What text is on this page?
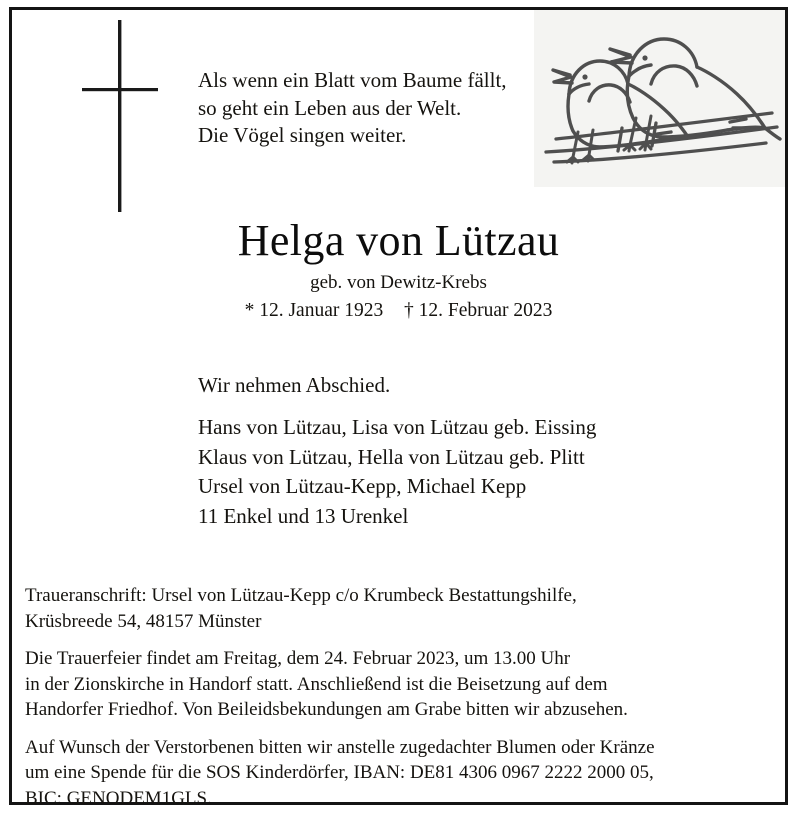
Als wenn ein Blatt vom Baume fällt,
so geht ein Leben aus der Welt.
Die Vögel singen weiter.
Helga von Lützau
geb. von Dewitz-Krebs
* 12. Januar 1923 † 12. Februar 2023
Wir nehmen Abschied.
Hans von Lützau, Lisa von Lützau geb. Eissing
Klaus von Lützau, Hella von Lützau geb. Plitt
Ursel von Lützau-Kepp, Michael Kepp
11 Enkel und 13 Urenkel
Traueranschrift: Ursel von Lützau-Kepp c/o Krumbeck Bestattungshilfe,
Krüsbreede 54, 48157 Münster
Die Trauerfeier findet am Freitag, dem 24. Februar 2023, um 13.00 Uhr
in der Zionskirche in Handorf statt. Anschließend ist die Beisetzung auf dem
Handorfer Friedhof. Von Beileidsbekundungen am Grabe bitten wir abzusehen.
Auf Wunsch der Verstorbenen bitten wir anstelle zugedachter Blumen oder Kränze
um eine Spende für die SOS Kinderdörfer, IBAN: DE81 4306 0967 2222 2000 05,
BIC: GENODEM1GLS.
